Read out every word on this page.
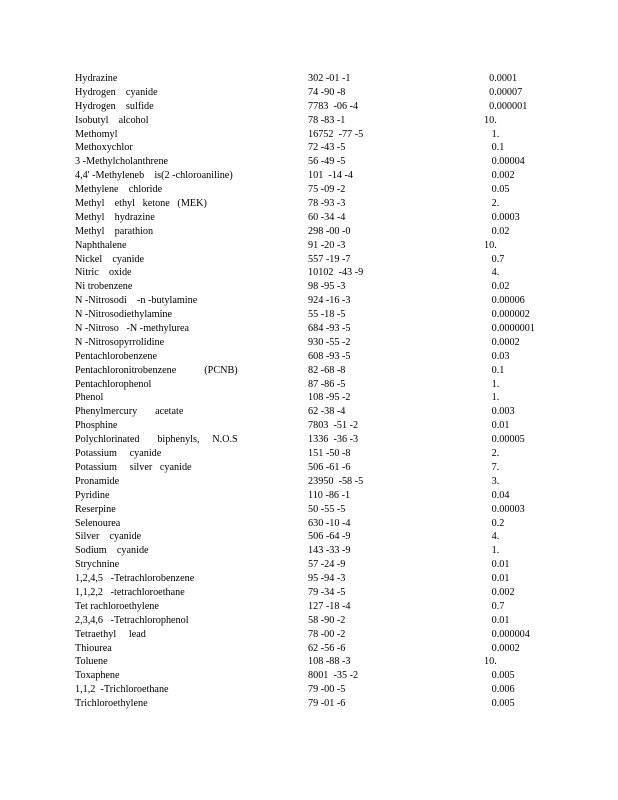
Hydrazine	302 -01 -1	0.0001
Hydrogen    cyanide	74 -90 -8	0.00007
Hydrogen    sulfide	7783  -06 -4	0.000001
Isobutyl    alcohol	78 -83 -1	10.
Methomyl	16752  -77 -5	1.
Methoxychlor	72 -43 -5	0.1
3 -Methylcholanthrene	56 -49 -5	0.00004
4,4' -Methyleneb    is(2 -chloroaniline)	101  -14 -4	0.002
Methylene    chloride	75 -09 -2	0.05
Methyl    ethyl   ketone   (MEK)	78 -93 -3	2.
Methyl    hydrazine	60 -34 -4	0.0003
Methyl    parathion	298 -00 -0	0.02
Naphthalene	91 -20 -3	10.
Nickel    cyanide	557 -19 -7	0.7
Nitric    oxide	10102  -43 -9	4.
Ni trobenzene	98 -95 -3	0.02
N -Nitrosodi    -n -butylamine	924 -16 -3	0.00006
N -Nitrosodiethylamine	55 -18 -5	0.000002
N -Nitroso   -N -methylurea	684 -93 -5	0.0000001
N -Nitrosopyrrolidine	930 -55 -2	0.0002
Pentachlorobenzene	608 -93 -5	0.03
Pentachloronitrobenzene           (PCNB)	82 -68 -8	0.1
Pentachlorophenol	87 -86 -5	1.
Phenol	108 -95 -2	1.
Phenylmercury       acetate	62 -38 -4	0.003
Phosphine	7803  -51 -2	0.01
Polychlorinated       biphenyls,     N.O.S	1336  -36 -3	0.00005
Potassium     cyanide	151 -50 -8	2.
Potassium     silver   cyanide	506 -61 -6	7.
Pronamide	23950  -58 -5	3.
Pyridine	110 -86 -1	0.04
Reserpine	50 -55 -5	0.00003
Selenourea	630 -10 -4	0.2
Silver    cyanide	506 -64 -9	4.
Sodium    cyanide	143 -33 -9	1.
Strychnine	57 -24 -9	0.01
1,2,4,5   -Tetrachlorobenzene	95 -94 -3	0.01
1,1,2,2   -tetrachloroethane	79 -34 -5	0.002
Tet rachloroethylene	127 -18 -4	0.7
2,3,4,6   -Tetrachlorophenol	58 -90 -2	0.01
Tetraethyl     lead	78 -00 -2	0.000004
Thiourea	62 -56 -6	0.0002
Toluene	108 -88 -3	10.
Toxaphene	8001  -35 -2	0.005
1,1,2  -Trichloroethane	79 -00 -5	0.006
Trichloroethylene	79 -01 -6	0.005
